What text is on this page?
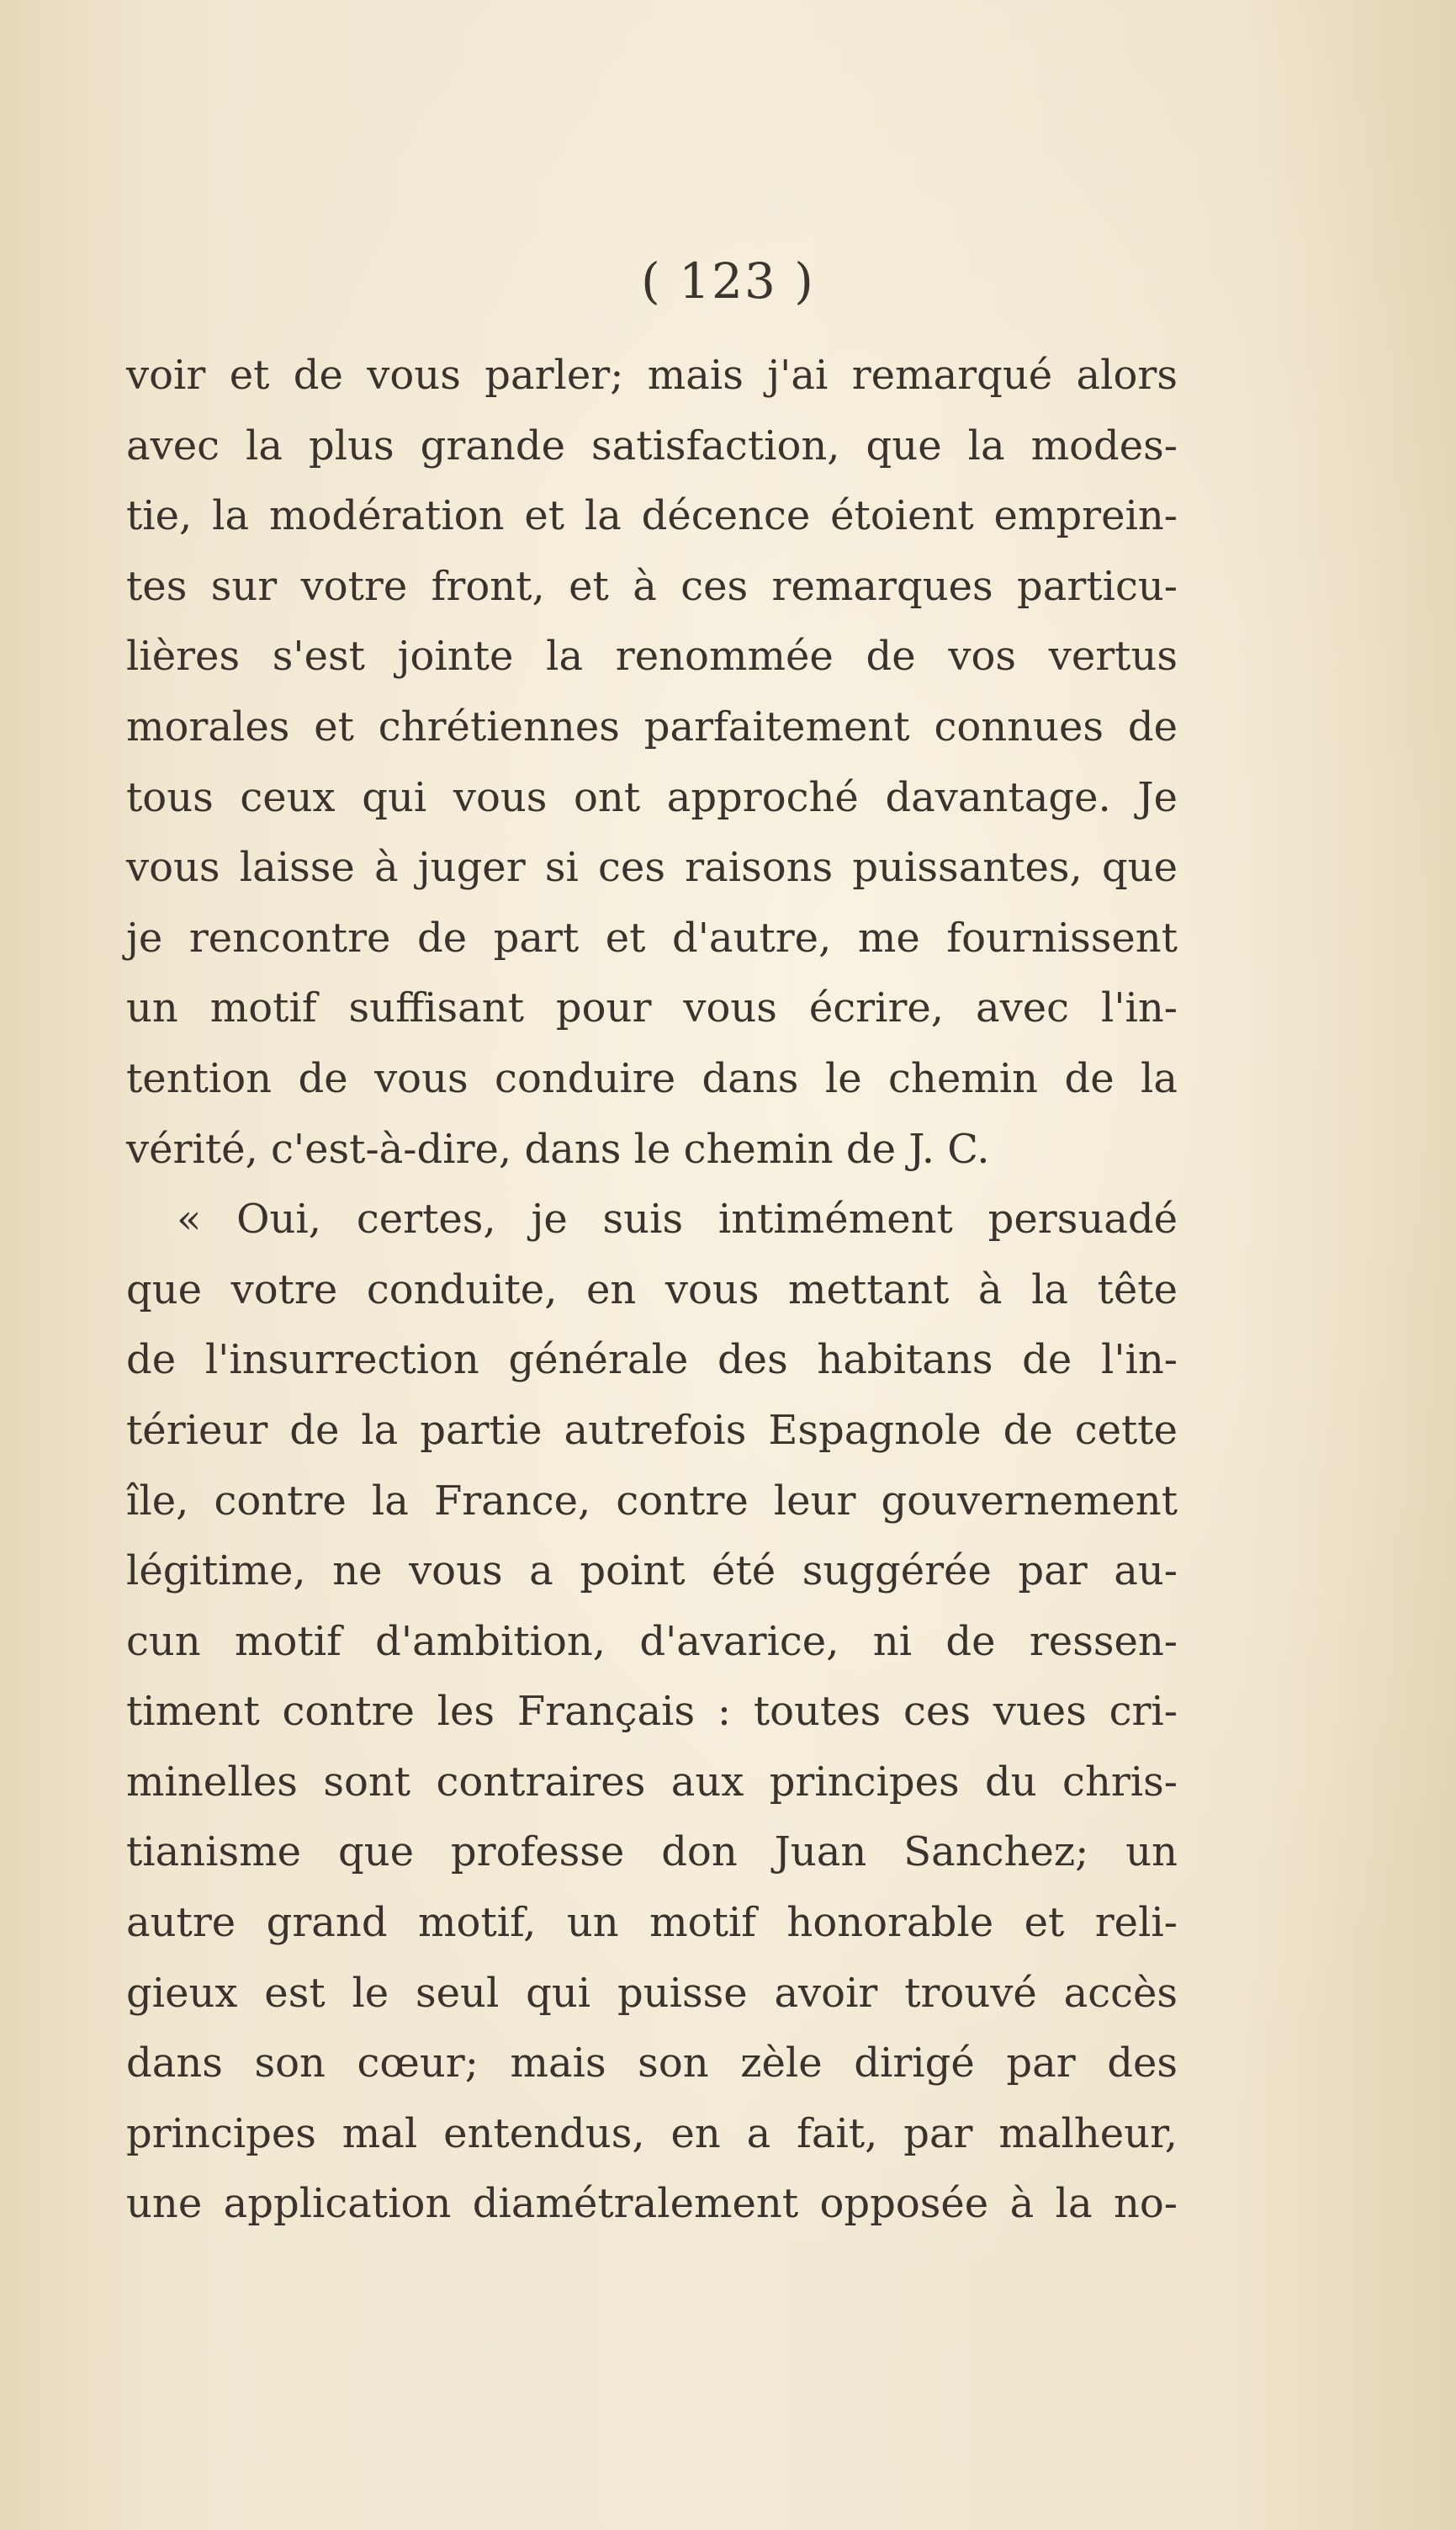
( 123 )
voir et de vous parler; mais j'ai remarqué alors
avec la plus grande satisfaction, que la modes-
tie, la modération et la décence étoient emprein-
tes sur votre front, et à ces remarques particu-
lières s'est jointe la renommée de vos vertus
morales et chrétiennes parfaitement connues de
tous ceux qui vous ont approché davantage. Je
vous laisse à juger si ces raisons puissantes, que
je rencontre de part et d'autre, me fournissent
un motif suffisant pour vous écrire, avec l'in-
tention de vous conduire dans le chemin de la
vérité, c'est-à-dire, dans le chemin de J. C.
« Oui, certes, je suis intimément persuadé
que votre conduite, en vous mettant à la tête
de l'insurrection générale des habitans de l'in-
térieur de la partie autrefois Espagnole de cette
île, contre la France, contre leur gouvernement
légitime, ne vous a point été suggérée par au-
cun motif d'ambition, d'avarice, ni de ressen-
timent contre les Français : toutes ces vues cri-
minelles sont contraires aux principes du chris-
tianisme que professe don Juan Sanchez; un
autre grand motif, un motif honorable et reli-
gieux est le seul qui puisse avoir trouvé accès
dans son cœur; mais son zèle dirigé par des
principes mal entendus, en a fait, par malheur,
une application diamétralement opposée à la no-
